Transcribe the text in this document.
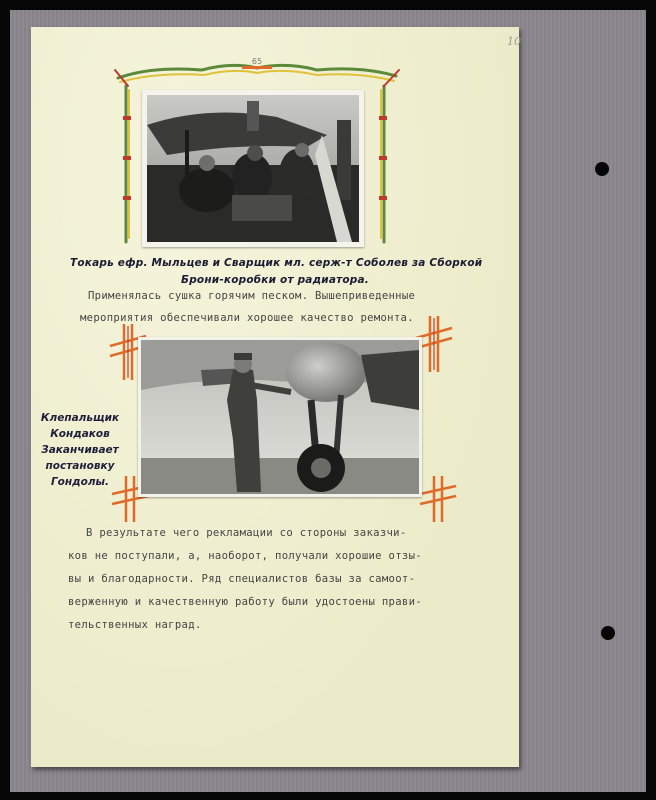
10
65
Токарь ефр. Мыльцев и Сварщик мл. серж-т Соболев за Сборкой
Брони-коробки от радиатора.
Применялась сушка горячим песком. Вышеприведенные
мероприятия обеспечивали хорошее качество ремонта.
Клепальщик
Кондаков
Заканчивает
постановку
Гондолы.
В результате чего рекламации со стороны заказчи-
ков не поступали, а, наоборот, получали хорошие отзы-
вы и благодарности. Ряд специалистов базы за самоот-
верженную и качественную работу были удостоены прави-
тельственных наград.
